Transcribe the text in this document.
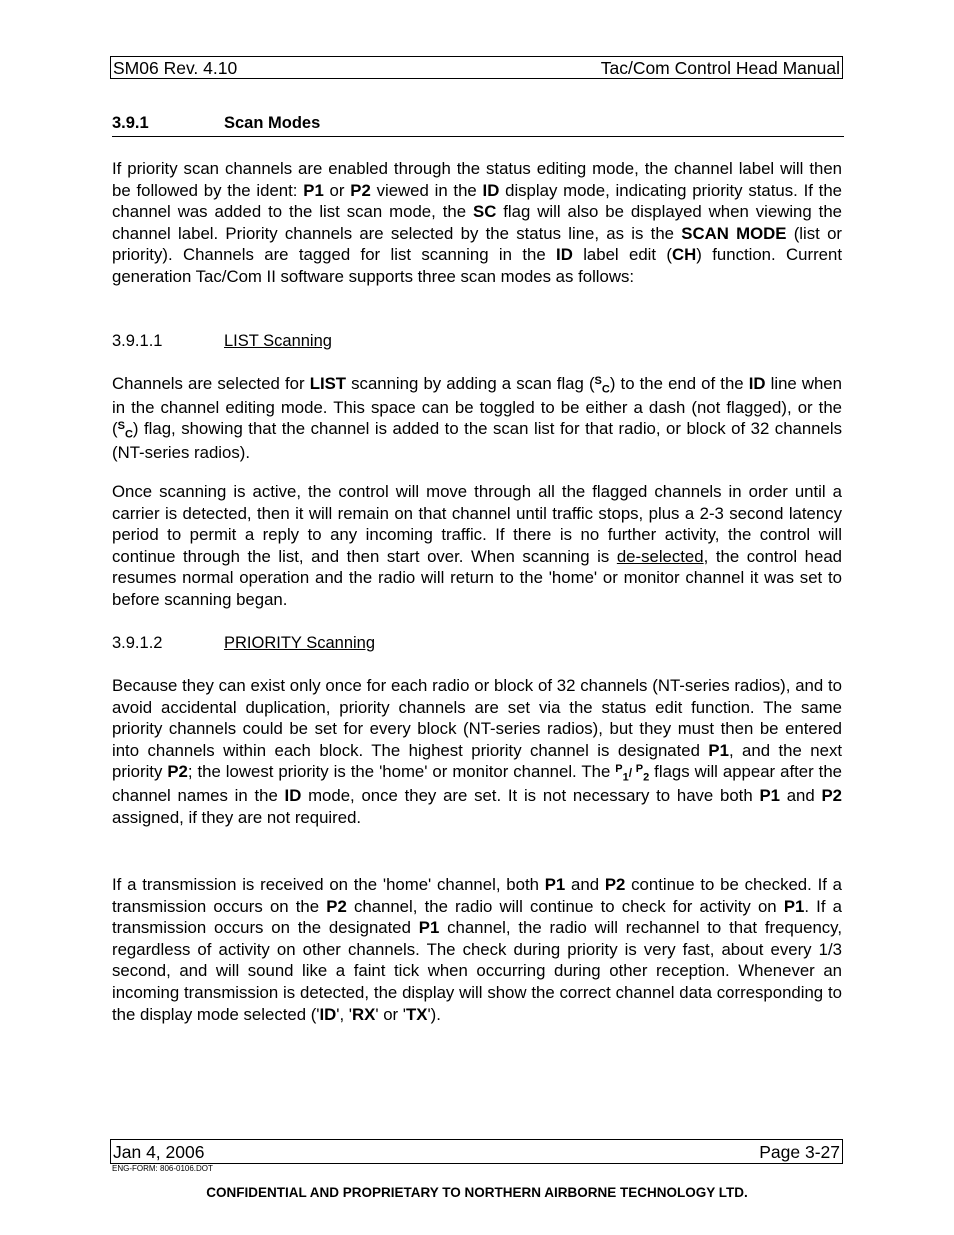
SM06 Rev. 4.10	Tac/Com Control Head Manual
3.9.1	Scan Modes

If priority scan channels are enabled through the status editing mode, the channel label will then be followed by the ident: P1 or P2 viewed in the ID display mode, indicating priority status. If the channel was added to the list scan mode, the SC flag will also be displayed when viewing the channel label. Priority channels are selected by the status line, as is the SCAN MODE (list or priority). Channels are tagged for list scanning in the ID label edit (CH) function. Current generation Tac/Com II software supports three scan modes as follows:

3.9.1.1	LIST Scanning

Channels are selected for LIST scanning by adding a scan flag ($^S_C$) to the end of the ID line when in the channel editing mode. This space can be toggled to be either a dash (not flagged), or the ($^S_C$) flag, showing that the channel is added to the scan list for that radio, or block of 32 channels (NT-series radios).

Once scanning is active, the control will move through all the flagged channels in order until a carrier is detected, then it will remain on that channel until traffic stops, plus a 2-3 second latency period to permit a reply to any incoming traffic. If there is no further activity, the control will continue through the list, and then start over. When scanning is de-selected, the control head resumes normal operation and the radio will return to the 'home' or monitor channel it was set to before scanning began.

3.9.1.2	PRIORITY Scanning

Because they can exist only once for each radio or block of 32 channels (NT-series radios), and to avoid accidental duplication, priority channels are set via the status edit function. The same priority channels could be set for every block (NT-series radios), but they must then be entered into channels within each block. The highest priority channel is designated P1, and the next priority P2; the lowest priority is the 'home' or monitor channel. The $^P_1$/ $^P_2$ flags will appear after the channel names in the ID mode, once they are set. It is not necessary to have both P1 and P2 assigned, if they are not required.

If a transmission is received on the 'home' channel, both P1 and P2 continue to be checked. If a transmission occurs on the P2 channel, the radio will continue to check for activity on P1. If a transmission occurs on the designated P1 channel, the radio will rechannel to that frequency, regardless of activity on other channels. The check during priority is very fast, about every 1/3 second, and will sound like a faint tick when occurring during other reception. Whenever an incoming transmission is detected, the display will show the correct channel data corresponding to the display mode selected ('ID', 'RX' or 'TX').

Jan 4, 2006	Page 3-27
ENG-FORM: 806-0106.DOT
CONFIDENTIAL AND PROPRIETARY TO NORTHERN AIRBORNE TECHNOLOGY LTD.
